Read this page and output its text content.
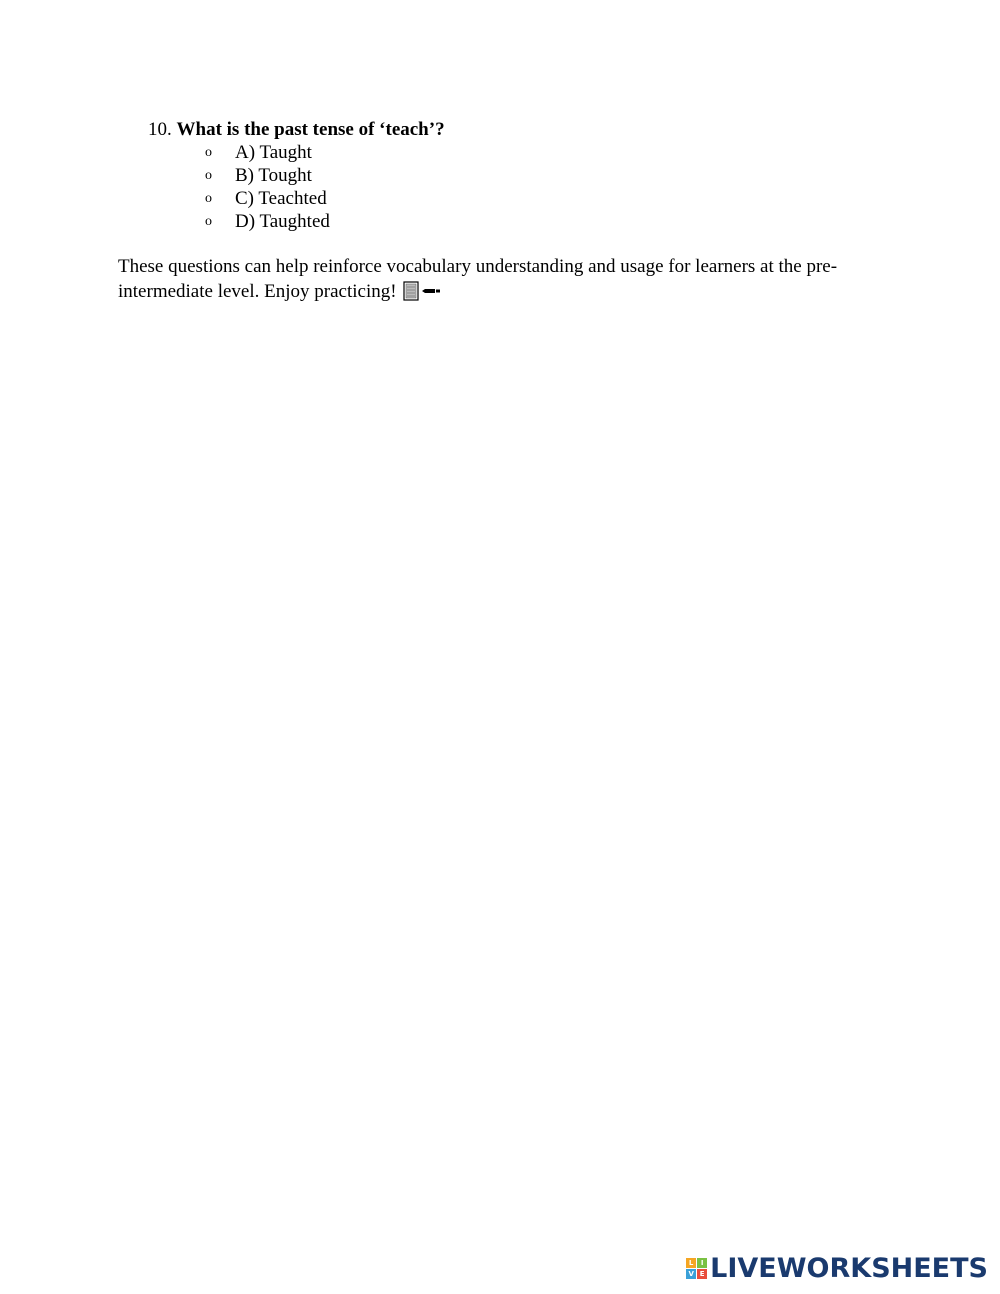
10. What is the past tense of ‘teach’?
o	A) Taught
o	B) Tought
o	C) Teachted
o	D) Taughted
These questions can help reinforce vocabulary understanding and usage for learners at the pre-
intermediate level. Enjoy practicing!
L	I
V E LIVEWORKSHEETS
